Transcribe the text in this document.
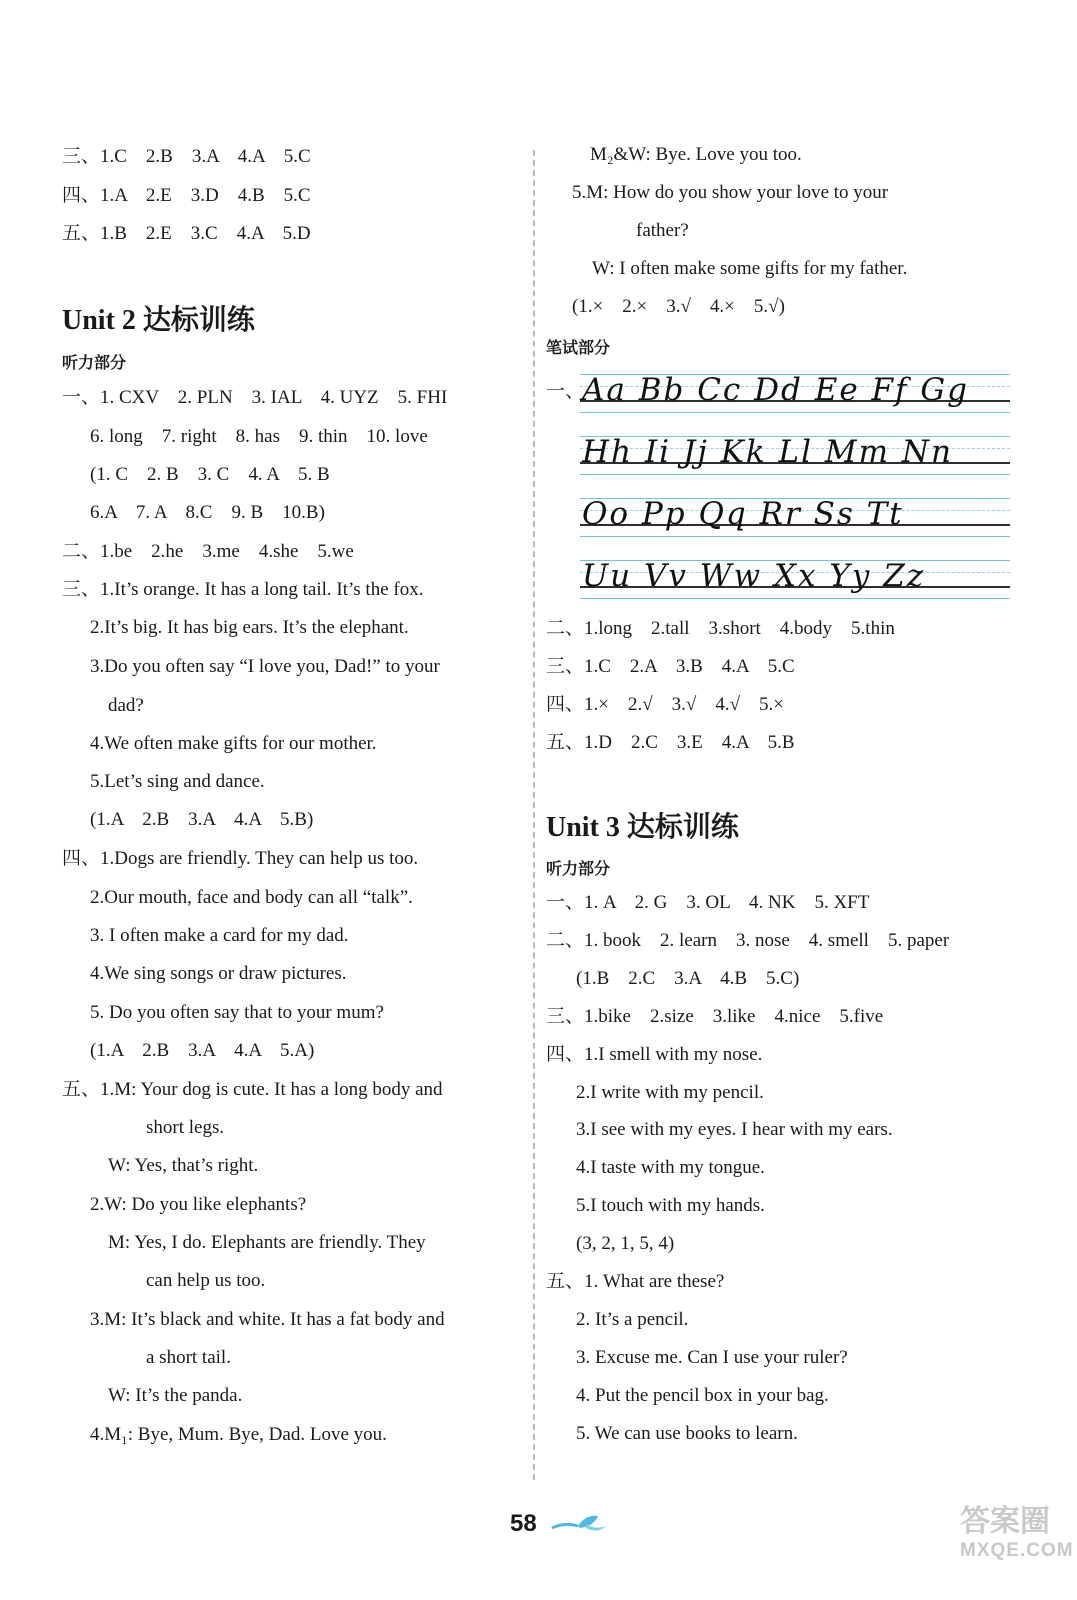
三、1.C　2.B　3.A　4.A　5.C
四、1.A　2.E　3.D　4.B　5.C
五、1.B　2.E　3.C　4.A　5.D
Unit 2 达标训练
听力部分
一、1. CXV　2. PLN　3. IAL　4. UYZ　5. FHI
6. long　7. right　8. has　9. thin　10. love
(1. C　2. B　3. C　4. A　5. B
6.A　7. A　8.C　9. B　10.B)
二、1.be　2.he　3.me　4.she　5.we
三、1.It’s orange. It has a long tail. It’s the fox.
2.It’s big. It has big ears. It’s the elephant.
3.Do you often say “I love you, Dad!” to your
dad?
4.We often make gifts for our mother.
5.Let’s sing and dance.
(1.A　2.B　3.A　4.A　5.B)
四、1.Dogs are friendly. They can help us too.
2.Our mouth, face and body can all “talk”.
3. I often make a card for my dad.
4.We sing songs or draw pictures.
5. Do you often say that to your mum?
(1.A　2.B　3.A　4.A　5.A)
五、1.M: Your dog is cute. It has a long body and
short legs.
W: Yes, that’s right.
2.W: Do you like elephants?
M: Yes, I do. Elephants are friendly. They
can help us too.
3.M: It’s black and white. It has a fat body and
a short tail.
W: It’s the panda.
4.M₁: Bye, Mum. Bye, Dad. Love you.
M₂&W: Bye. Love you too.
5.M: How do you show your love to your
father?
W: I often make some gifts for my father.
(1.×　2.×　3.√　4.×　5.√)
笔试部分
一、
Aa Bb Cc Dd Ee Ff Gg
Hh Ii Jj Kk Ll Mm Nn
Oo Pp Qq Rr Ss Tt
Uu Vv Ww Xx Yy Zz
二、1.long　2.tall　3.short　4.body　5.thin
三、1.C　2.A　3.B　4.A　5.C
四、1.×　2.√　3.√　4.√　5.×
五、1.D　2.C　3.E　4.A　5.B
Unit 3 达标训练
听力部分
一、1. A　2. G　3. OL　4. NK　5. XFT
二、1. book　2. learn　3. nose　4. smell　5. paper
(1.B　2.C　3.A　4.B　5.C)
三、1.bike　2.size　3.like　4.nice　5.five
四、1.I smell with my nose.
2.I write with my pencil.
3.I see with my eyes. I hear with my ears.
4.I taste with my tongue.
5.I touch with my hands.
(3, 2, 1, 5, 4)
五、1. What are these?
2. It’s a pencil.
3. Excuse me. Can I use your ruler?
4. Put the pencil box in your bag.
5. We can use books to learn.
58	答案圈
MXQE.COM
